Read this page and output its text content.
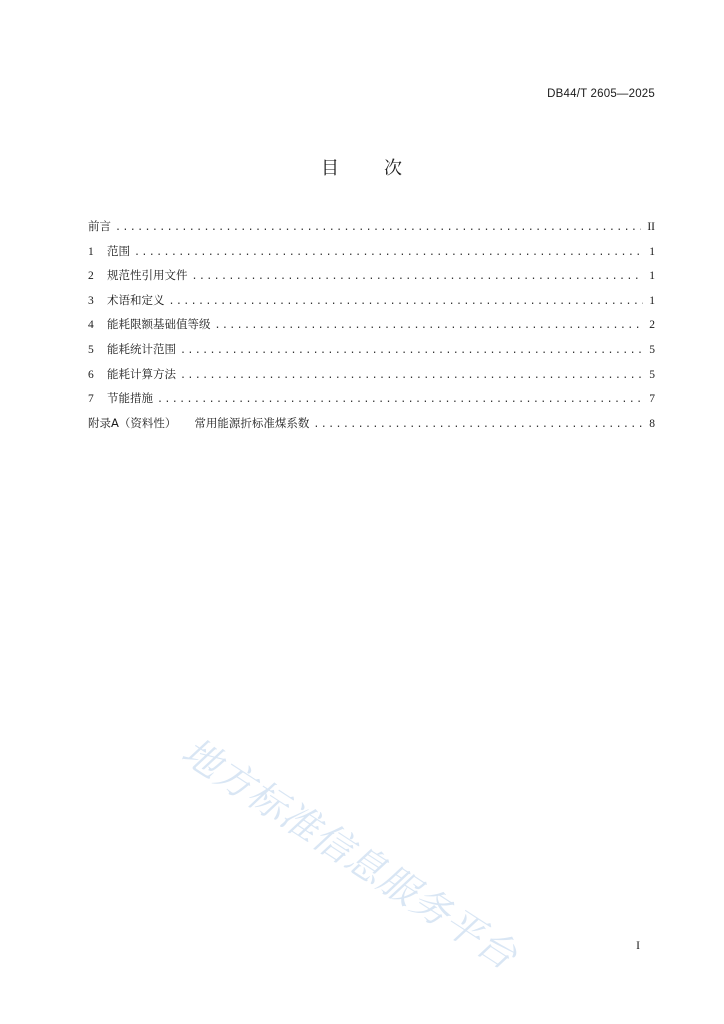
DB44/T 2605—2025
目 次
前言 .....	II
1	范围 .....	1
2	规范性引用文件 .....	1
3	术语和定义 .....	1
4	能耗限额基础值等级 .....	2
5	能耗统计范围 .....	5
6	能耗计算方法 .....	5
7	节能措施 .....	7
附录A（资料性） 常用能源折标准煤系数 .....	8
地方标准信息服务平台	I
